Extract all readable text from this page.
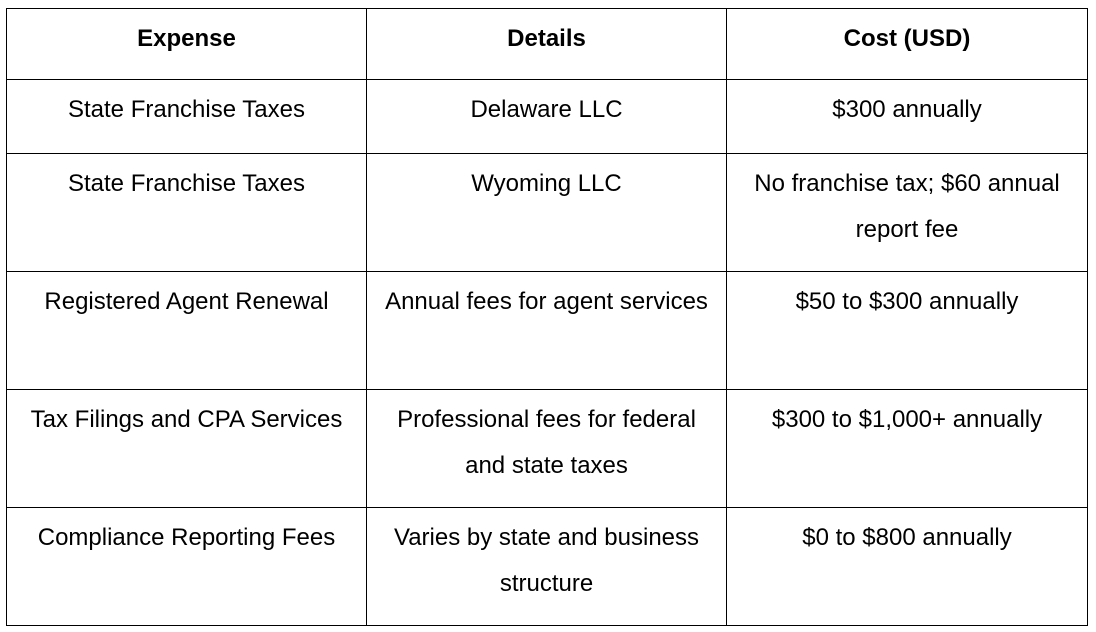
Expense	Details	Cost (USD)
State Franchise Taxes	Delaware LLC	$300 annually
State Franchise Taxes	Wyoming LLC	No franchise tax; $60 annual report fee
Registered Agent Renewal	Annual fees for agent services	$50 to $300 annually
Tax Filings and CPA Services	Professional fees for federal and state taxes	$300 to $1,000+ annually
Compliance Reporting Fees	Varies by state and business structure	$0 to $800 annually
